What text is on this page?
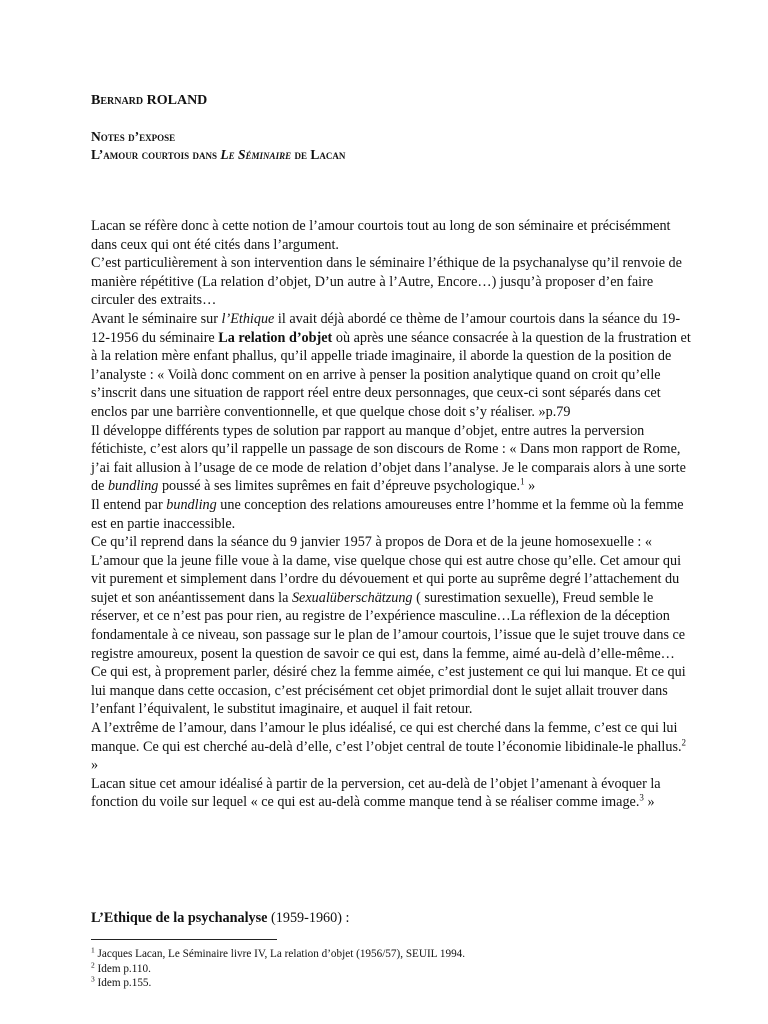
Bernard ROLAND
Notes d’expose
L’amour courtois dans Le Séminaire de Lacan

Lacan se réfère donc à cette notion de l’amour courtois tout au long de son séminaire et précisémment dans ceux qui ont été cités dans l’argument.

C’est particulièrement à son intervention dans le séminaire l’éthique de la psychanalyse qu’il renvoie de manière répétitive (La relation d’objet, D’un autre à l’Autre, Encore…) jusqu’à proposer d’en faire circuler des extraits…

Avant le séminaire sur l’Ethique il avait déjà abordé ce thème de l’amour courtois dans la séance du 19-12-1956 du séminaire La relation d’objet où après une séance consacrée à la question de la frustration et à la relation mère enfant phallus, qu’il appelle triade imaginaire, il aborde la question de la position de l’analyste : « Voilà donc comment on en arrive à penser la position analytique quand on croit qu’elle s’inscrit dans une situation de rapport réel entre deux personnages, que ceux-ci sont séparés dans cet enclos par une barrière conventionnelle, et que quelque chose doit s’y réaliser. »p.79

Il développe différents types de solution par rapport au manque d’objet, entre autres la perversion fétichiste, c’est alors qu’il rappelle un passage de son discours de Rome : « Dans mon rapport de Rome, j’ai fait allusion à l’usage de ce mode de relation d’objet dans l’analyse. Je le comparais alors à une sorte de bundling poussé à ses limites suprêmes en fait d’épreuve psychologique.$^1$ »

Il entend par bundling une conception des relations amoureuses entre l’homme et la femme où la femme est en partie inaccessible.

Ce qu’il reprend dans la séance du 9 janvier 1957 à propos de Dora et de la jeune homosexuelle : « L’amour que la jeune fille voue à la dame, vise quelque chose qui est autre chose qu’elle. Cet amour qui vit purement et simplement dans l’ordre du dévouement et qui porte au suprême degré l’attachement du sujet et son anéantissement dans la Sexualüberschätzung ( surestimation sexuelle), Freud semble le réserver, et ce n’est pas pour rien, au registre de l’expérience masculine…La réflexion de la déception fondamentale à ce niveau, son passage sur le plan de l’amour courtois, l’issue que le sujet trouve dans ce registre amoureux, posent la question de savoir ce qui est, dans la femme, aimé au-delà d’elle-même…

Ce qui est, à proprement parler, désiré chez la femme aimée, c’est justement ce qui lui manque. Et ce qui lui manque dans cette occasion, c’est précisément cet objet primordial dont le sujet allait trouver dans l’enfant l’équivalent, le substitut imaginaire, et auquel il fait retour.

A l’extrême de l’amour, dans l’amour le plus idéalisé, ce qui est cherché dans la femme, c’est ce qui lui manque. Ce qui est cherché au-delà d’elle, c’est l’objet central de toute l’économie libidinale-le phallus.$^2$ »

Lacan situe cet amour idéalisé à partir de la perversion, cet au-delà de l’objet l’amenant à évoquer la fonction du voile sur lequel « ce qui est au-delà comme manque tend à se réaliser comme image.$^3$ »

L’Ethique de la psychanalyse (1959-1960) :
$^1$ Jacques Lacan, Le Séminaire livre IV, La relation d’objet (1956/57), SEUIL 1994.
$^2$ Idem p.110.
$^3$ Idem p.155.
